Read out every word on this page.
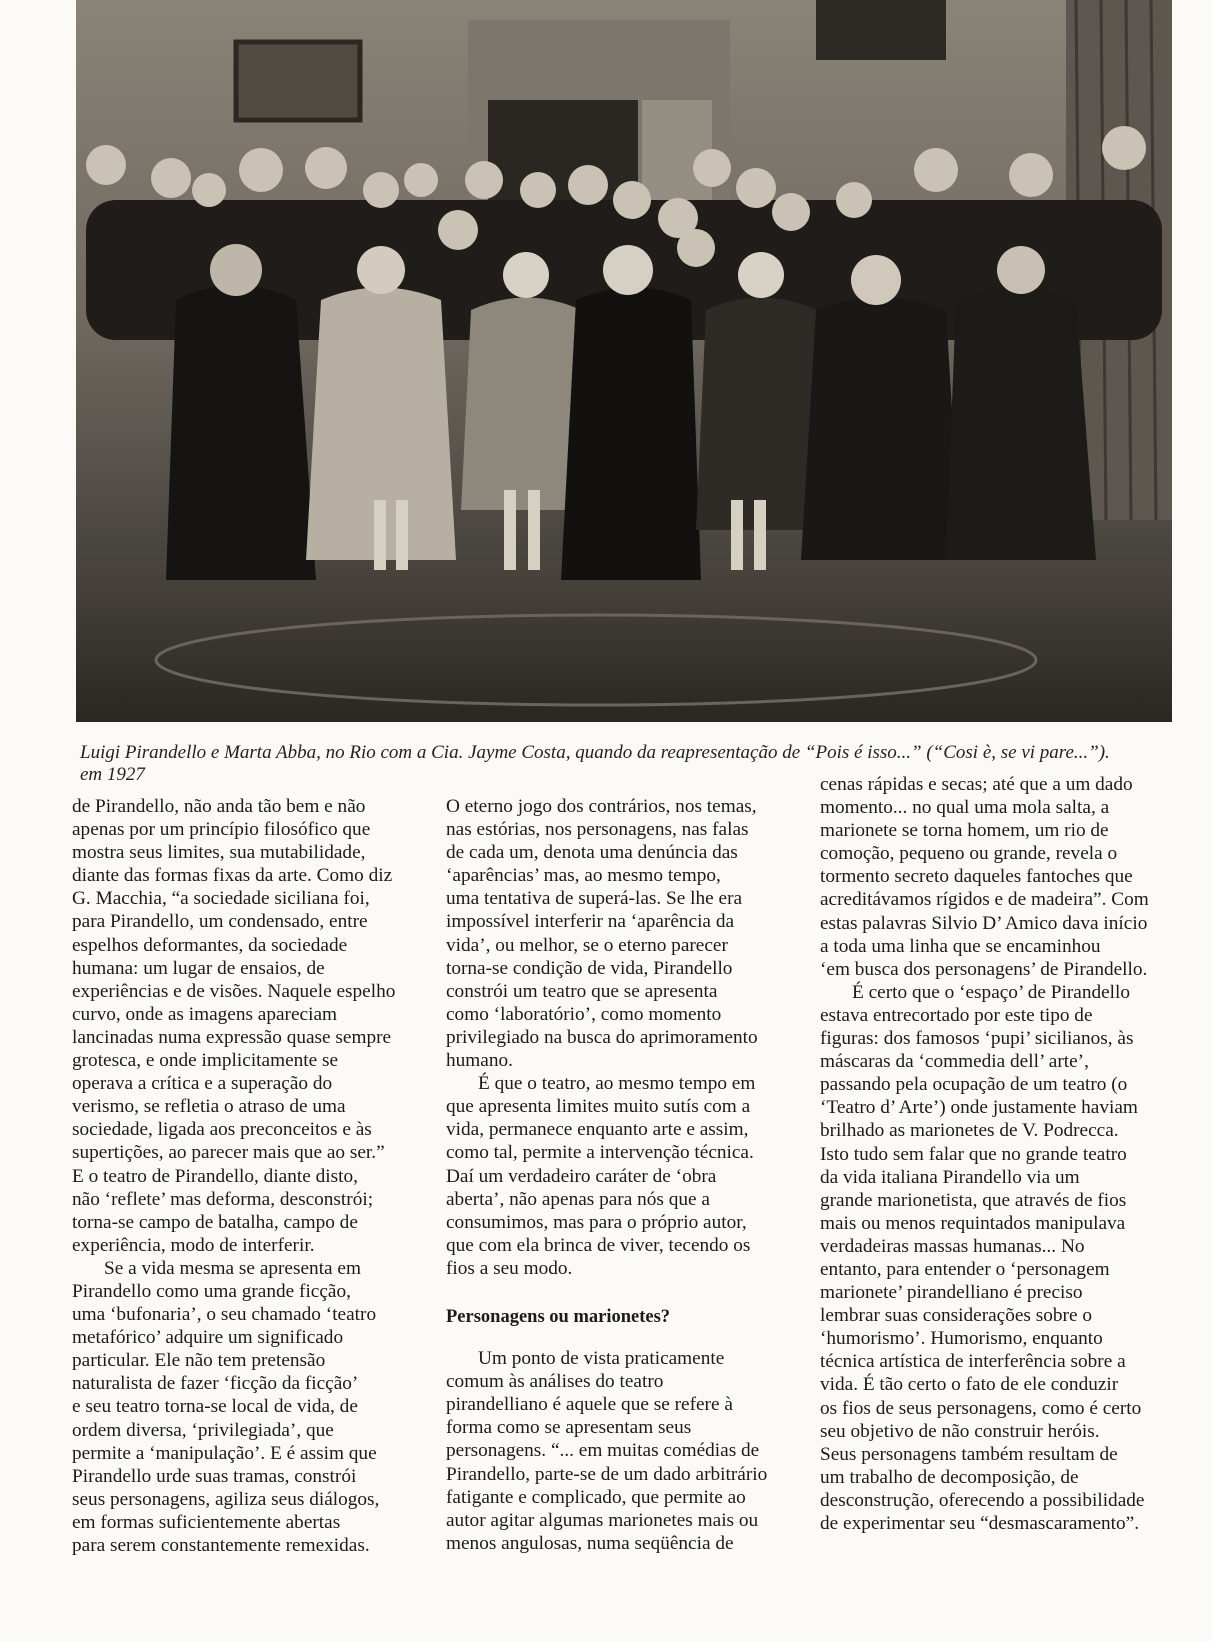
Luigi Pirandello e Marta Abba, no Rio com a Cia. Jayme Costa, quando da reapresentação de “Pois é isso...” (“Cosi è, se vi pare...”).
em 1927

de Pirandello, não anda tão bem e não
apenas por um princípio filosófico que
mostra seus limites, sua mutabilidade,
diante das formas fixas da arte. Como diz
G. Macchia, “a sociedade siciliana foi,
para Pirandello, um condensado, entre
espelhos deformantes, da sociedade
humana: um lugar de ensaios, de
experiências e de visões. Naquele espelho
curvo, onde as imagens apareciam
lancinadas numa expressão quase sempre
grotesca, e onde implicitamente se
operava a crítica e a superação do
verismo, se refletia o atraso de uma
sociedade, ligada aos preconceitos e às
supertições, ao parecer mais que ao ser.”
E o teatro de Pirandello, diante disto,
não ‘reflete’ mas deforma, desconstrói;
torna-se campo de batalha, campo de
experiência, modo de interferir.

Se a vida mesma se apresenta em
Pirandello como uma grande ficção,
uma ‘bufonaria’, o seu chamado ‘teatro
metafórico’ adquire um significado
particular. Ele não tem pretensão
naturalista de fazer ‘ficção da ficção’
e seu teatro torna-se local de vida, de
ordem diversa, ‘privilegiada’, que
permite a ‘manipulação’. E é assim que
Pirandello urde suas tramas, constrói
seus personagens, agiliza seus diálogos,
em formas suficientemente abertas
para serem constantemente remexidas.

O eterno jogo dos contrários, nos temas,
nas estórias, nos personagens, nas falas
de cada um, denota uma denúncia das
‘aparências’ mas, ao mesmo tempo,
uma tentativa de superá-las. Se lhe era
impossível interferir na ‘aparência da
vida’, ou melhor, se o eterno parecer
torna-se condição de vida, Pirandello
constrói um teatro que se apresenta
como ‘laboratório’, como momento
privilegiado na busca do aprimoramento
humano.

É que o teatro, ao mesmo tempo em
que apresenta limites muito sutís com a
vida, permanece enquanto arte e assim,
como tal, permite a intervenção técnica.
Daí um verdadeiro caráter de ‘obra
aberta’, não apenas para nós que a
consumimos, mas para o próprio autor,
que com ela brinca de viver, tecendo os
fios a seu modo.

Personagens ou marionetes?

Um ponto de vista praticamente
comum às análises do teatro
pirandelliano é aquele que se refere à
forma como se apresentam seus
personagens. “... em muitas comédias de
Pirandello, parte-se de um dado arbitrário
fatigante e complicado, que permite ao
autor agitar algumas marionetes mais ou
menos angulosas, numa seqüência de

cenas rápidas e secas; até que a um dado
momento... no qual uma mola salta, a
marionete se torna homem, um rio de
comoção, pequeno ou grande, revela o
tormento secreto daqueles fantoches que
acreditávamos rígidos e de madeira”. Com
estas palavras Silvio D’ Amico dava início
a toda uma linha que se encaminhou
‘em busca dos personagens’ de Pirandello.

É certo que o ‘espaço’ de Pirandello
estava entrecortado por este tipo de
figuras: dos famosos ‘pupi’ sicilianos, às
máscaras da ‘commedia dell’ arte’,
passando pela ocupação de um teatro (o
‘Teatro d’ Arte’) onde justamente haviam
brilhado as marionetes de V. Podrecca.
Isto tudo sem falar que no grande teatro
da vida italiana Pirandello via um
grande marionetista, que através de fios
mais ou menos requintados manipulava
verdadeiras massas humanas... No
entanto, para entender o ‘personagem
marionete’ pirandelliano é preciso
lembrar suas considerações sobre o
‘humorismo’. Humorismo, enquanto
técnica artística de interferência sobre a
vida. É tão certo o fato de ele conduzir
os fios de seus personagens, como é certo
seu objetivo de não construir heróis.
Seus personagens também resultam de
um trabalho de decomposição, de
desconstrução, oferecendo a possibilidade
de experimentar seu “desmascaramento”.
